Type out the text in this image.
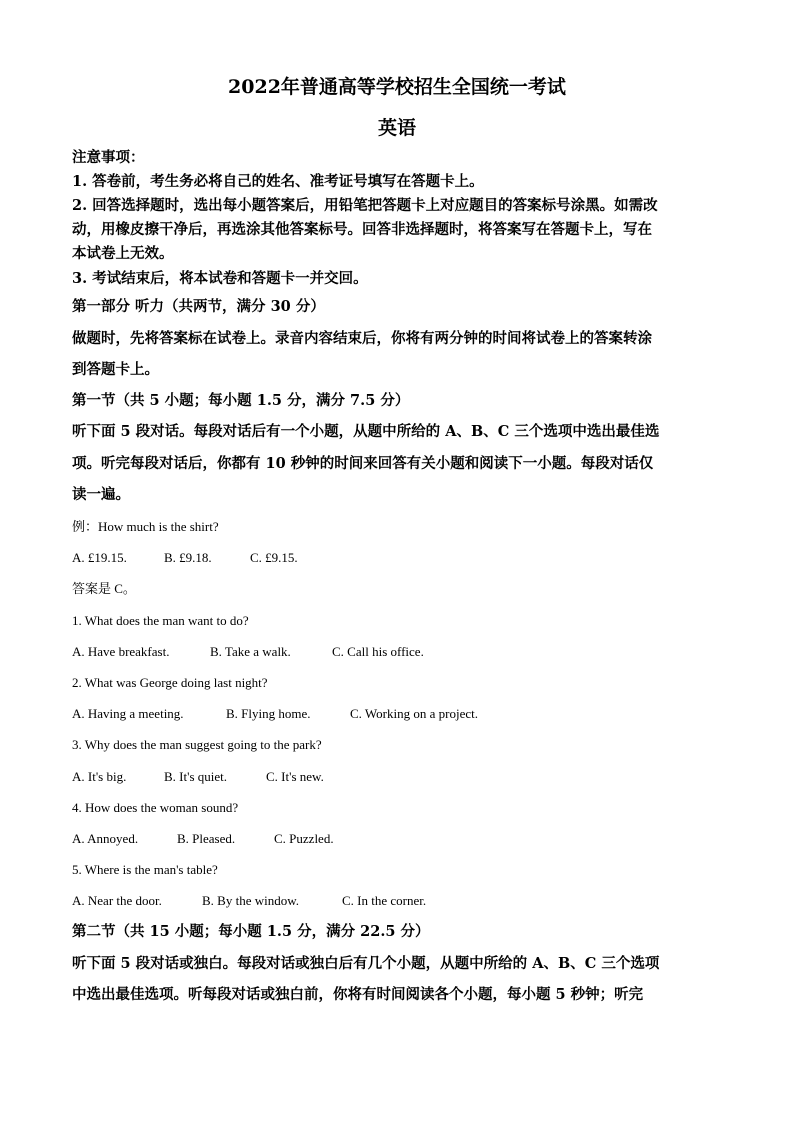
2022年普通高等学校招生全国统一考试
英语
注意事项：
1. 答卷前，考生务必将自己的姓名、准考证号填写在答题卡上。
2. 回答选择题时，选出每小题答案后，用铅笔把答题卡上对应题目的答案标号涂黑。如需改
动，用橡皮擦干净后，再选涂其他答案标号。回答非选择题时，将答案写在答题卡上，写在
本试卷上无效。
3. 考试结束后，将本试卷和答题卡一并交回。
第一部分 听力（共两节，满分 30 分）
做题时，先将答案标在试卷上。录音内容结束后，你将有两分钟的时间将试卷上的答案转涂
到答题卡上。
第一节（共 5 小题；每小题 1.5 分，满分 7.5 分）
听下面 5 段对话。每段对话后有一个小题，从题中所给的 A、B、C 三个选项中选出最佳选
项。听完每段对话后，你都有 10 秒钟的时间来回答有关小题和阅读下一小题。每段对话仅
读一遍。
例：How much is the shirt?
A. £19.15.	B. £9.18.	C. £9.15.
答案是 C。
1. What does the man want to do?
A. Have breakfast.	B. Take a walk.	C. Call his office.
2. What was George doing last night?
A. Having a meeting.	B. Flying home.	C. Working on a project.
3. Why does the man suggest going to the park?
A. It's big.	B. It's quiet.	C. It's new.
4. How does the woman sound?
A. Annoyed.	B. Pleased.	C. Puzzled.
5. Where is the man's table?
A. Near the door.	B. By the window.	C. In the corner.
第二节（共 15 小题；每小题 1.5 分，满分 22.5 分）
听下面 5 段对话或独白。每段对话或独白后有几个小题，从题中所给的 A、B、C 三个选项
中选出最佳选项。听每段对话或独白前，你将有时间阅读各个小题，每小题 5 秒钟；听完
